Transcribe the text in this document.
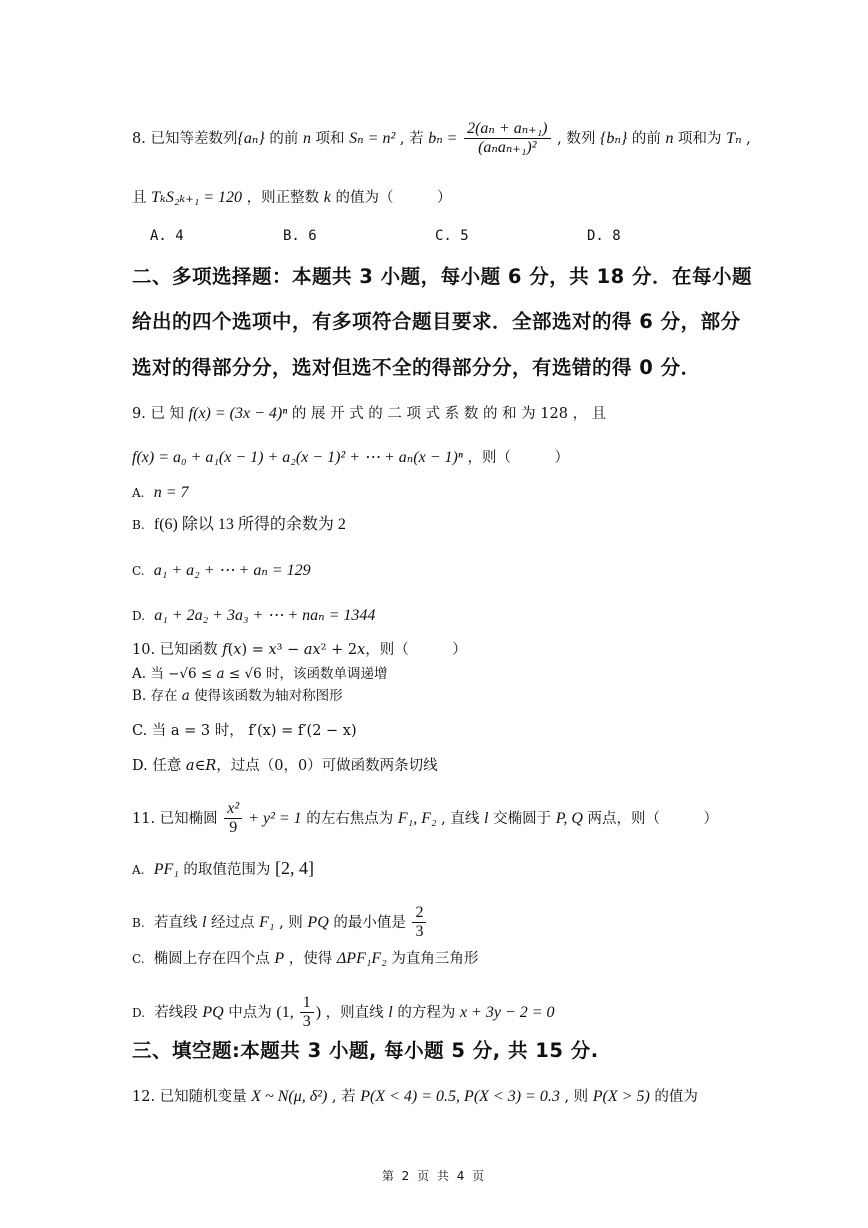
8. 已知等差数列{aₙ} 的前 n 项和 Sₙ = n² , 若 $b_n = \frac{\text{2(aₙ + aₙ₊₁)}}{\text{(aₙaₙ₊₁)²}}$ , 数列 {bₙ} 的前 n 项和为 Tₙ ,
且 TₖS₂ₖ₊₁ = 120 ，则正整数 k 的值为（　　　）
A. 4	B. 6	C. 5	D. 8
二、多项选择题：本题共 3 小题，每小题 6 分，共 18 分．在每小题
给出的四个选项中，有多项符合题目要求．全部选对的得 6 分，部分
选对的得部分分，选对但选不全的得部分分，有选错的得 0 分．
9. 已 知 f(x) = (3x − 4)ⁿ 的 展 开 式 的 二 项 式 系 数 的 和 为 128 ， 且
f(x) = a₀ + a₁(x − 1) + a₂(x − 1)² + ⋯ + aₙ(x − 1)ⁿ ，则（　　　）
A. n = 7
B. f(6) 除以 13 所得的余数为 2
C. a₁ + a₂ + ⋯ + aₙ = 129
D. a₁ + 2a₂ + 3a₃ + ⋯ + naₙ = 1344
10. 已知函数 𝑓(𝑥) = 𝑥³ − 𝑎𝑥² + 2𝑥，则（　　　）
A. 当 −√6 ≤ 𝑎 ≤ √6 时，该函数单调递增
B. 存在 𝑎 使得该函数为轴对称图形
C. 当 a = 3 时， f′(x) = f′(2 − x)
D. 任意 𝑎∈𝑅，过点（0，0）可做函数两条切线
11. 已知椭圆 $\frac{\text{x²}}{9} + y^2 = 1$ 的左右焦点为 F₁, F₂ , 直线 l 交椭圆于 P, Q 两点，则（　　　）
A. PF₁ 的取值范围为 [2, 4]
B. 若直线 l 经过点 F₁ , 则 PQ 的最小值是 $\frac{2}{3}$
C. 椭圆上存在四个点 P ，使得 ΔPF₁F₂ 为直角三角形
D. 若线段 PQ 中点为 (1, $\frac{1}{3}$ ) ，则直线 l 的方程为 x + 3y − 2 = 0
三、填空题:本题共 3 小题, 每小题 5 分, 共 15 分.
12. 已知随机变量 X ~ N(μ, δ²) , 若 P(X < 4) = 0.5, P(X < 3) = 0.3 , 则 P(X > 5) 的值为
第 2 页 共 4 页
